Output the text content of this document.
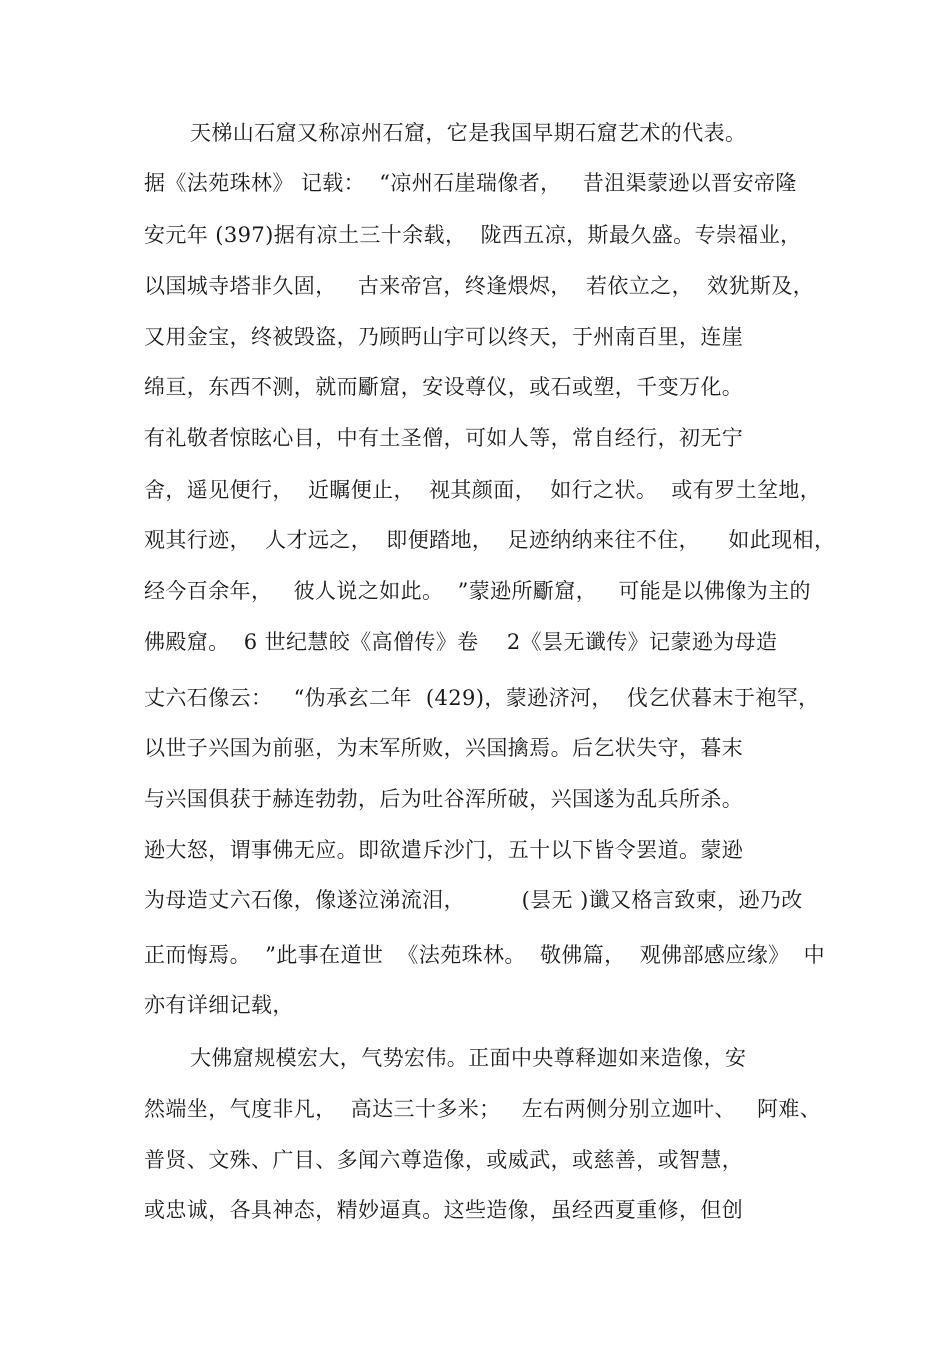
天梯山石窟又称凉州石窟，它是我国早期石窟艺术的代表。
据《法苑珠林》 记载：  “凉州石崖瑞像者，   昔沮渠蒙逊以晋安帝隆
安元年 (397)据有凉土三十余载，  陇西五凉，斯最久盛。专崇福业，
以国城寺塔非久固，   古来帝宫，终逢煨烬，  若依立之，  效犹斯及，
又用金宝，终被毁盗，乃顾眄山宇可以终天，于州南百里，连崖
绵亘，东西不测，就而斸窟，安设尊仪，或石或塑，千变万化。
有礼敬者惊眩心目，中有土圣僧，可如人等，常自经行，初无宁
舍，遥见便行，  近瞩便止，  视其颜面，  如行之状。  或有罗土坌地，
观其行迹，  人才远之，  即便踏地，  足迹纳纳来往不住，    如此现相，
经今百余年，   彼人说之如此。  ”蒙逊所斸窟，   可能是以佛像为主的
佛殿窟。  6 世纪慧皎《高僧传》卷    2《昙无谶传》记蒙逊为母造
丈六石像云：   “伪承玄二年  (429)，蒙逊济河，  伐乞伏暮末于袍罕，
以世子兴国为前驱，为末军所败，兴国擒焉。后乞状失守，暮末
与兴国俱获于赫连勃勃，后为吐谷浑所破，兴国遂为乱兵所杀。
逊大怒，谓事佛无应。即欲遣斥沙门，五十以下皆令罢道。蒙逊
为母造丈六石像，像遂泣涕流泪，        (昙无 )谶又格言致柬，逊乃改
正而悔焉。  ”此事在道世  《法苑珠林。  敬佛篇，  观佛部感应缘》  中
亦有详细记载，
大佛窟规模宏大，气势宏伟。正面中央尊释迦如来造像，安
然端坐，气度非凡，  高达三十多米；   左右两侧分别立迦叶、   阿难、
普贤、文殊、广目、多闻六尊造像，或威武，或慈善，或智慧，
或忠诚，各具神态，精妙逼真。这些造像，虽经西夏重修，但创
